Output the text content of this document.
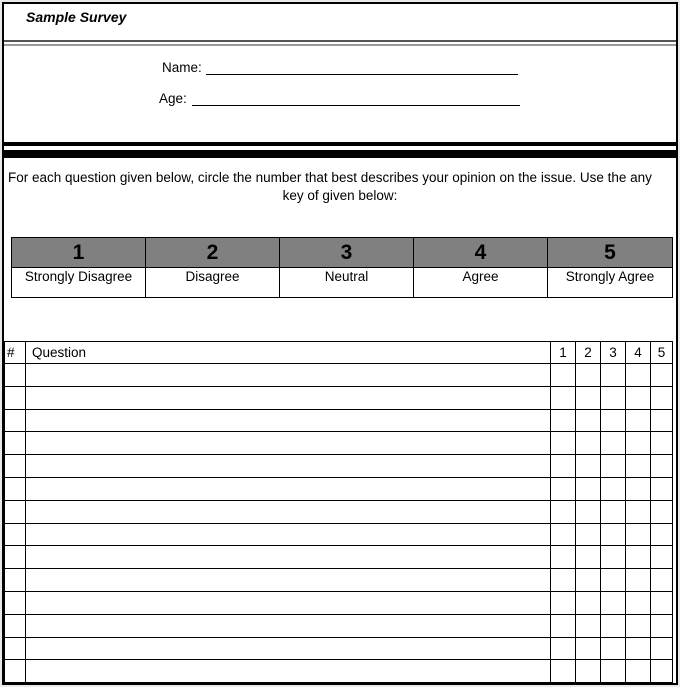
Sample Survey
Name:
Age:
For each question given below, circle the number that best describes your opinion on the issue. Use the any
key of given below:
1	2	3	4	5
Strongly Disagree	Disagree	Neutral	Agree	Strongly Agree
#	Question	1	2	3	4	5
